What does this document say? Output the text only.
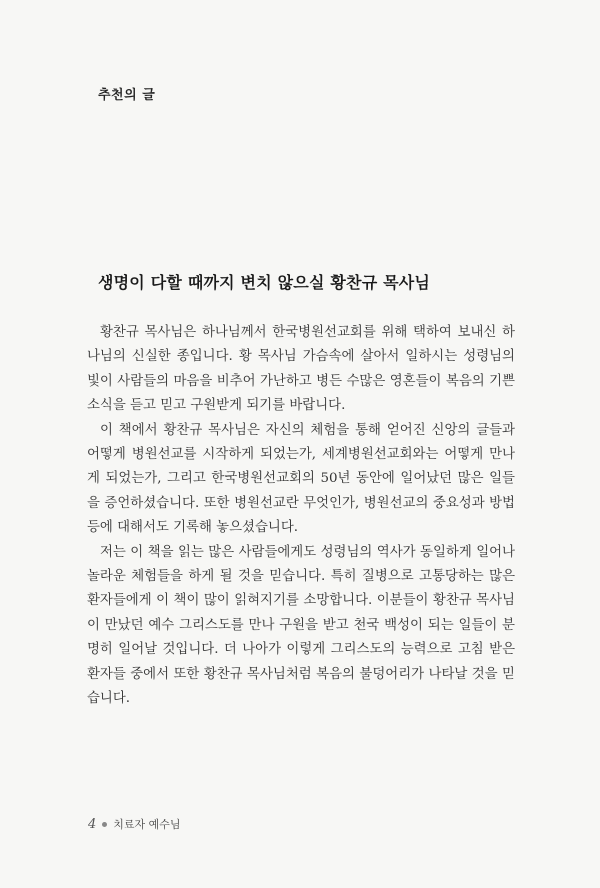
추천의 글
생명이 다할 때까지 변치 않으실 황찬규 목사님

황찬규 목사님은 하나님께서 한국병원선교회를 위해 택하여 보내신 하나님의 신실한 종입니다. 황 목사님 가슴속에 살아서 일하시는 성령님의 빛이 사람들의 마음을 비추어 가난하고 병든 수많은 영혼들이 복음의 기쁜 소식을 듣고 믿고 구원받게 되기를 바랍니다.

이 책에서 황찬규 목사님은 자신의 체험을 통해 얻어진 신앙의 글들과 어떻게 병원선교를 시작하게 되었는가, 세계병원선교회와는 어떻게 만나게 되었는가, 그리고 한국병원선교회의 50년 동안에 일어났던 많은 일들을 증언하셨습니다. 또한 병원선교란 무엇인가, 병원선교의 중요성과 방법 등에 대해서도 기록해 놓으셨습니다.

저는 이 책을 읽는 많은 사람들에게도 성령님의 역사가 동일하게 일어나 놀라운 체험들을 하게 될 것을 믿습니다. 특히 질병으로 고통당하는 많은 환자들에게 이 책이 많이 읽혀지기를 소망합니다. 이분들이 황찬규 목사님이 만났던 예수 그리스도를 만나 구원을 받고 천국 백성이 되는 일들이 분명히 일어날 것입니다. 더 나아가 이렇게 그리스도의 능력으로 고침 받은 환자들 중에서 또한 황찬규 목사님처럼 복음의 불덩어리가 나타날 것을 믿습니다.

4 치료자 예수님
